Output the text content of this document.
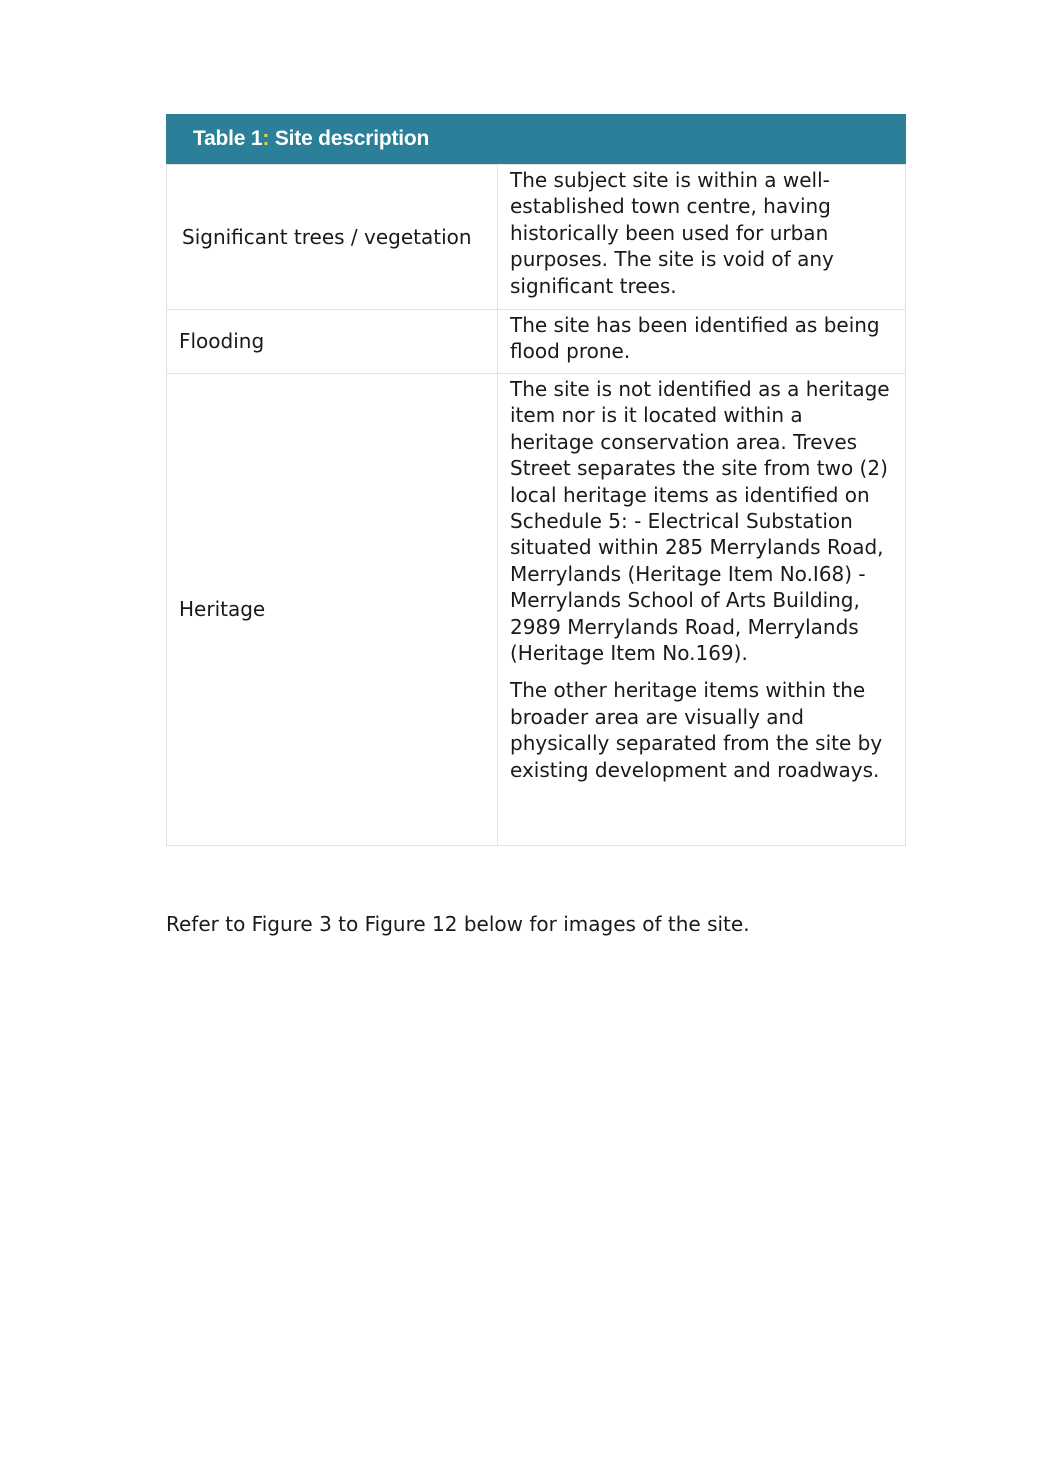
Table 1: Site description
Significant trees / vegetation	The subject site is within a well-established town centre, having historically been used for urban purposes. The site is void of any significant trees.

Flooding	The site has been identified as being flood prone.

Heritage	The site is not identified as a heritage item nor is it located within a heritage conservation area. Treves Street separates the site from two (2) local heritage items as identified on Schedule 5: - Electrical Substation situated within 285 Merrylands Road, Merrylands (Heritage Item No.I68) - Merrylands School of Arts Building, 2989 Merrylands Road, Merrylands (Heritage Item No.169).

The other heritage items within the broader area are visually and physically separated from the site by existing development and roadways.

Refer to Figure 3 to Figure 12 below for images of the site.
